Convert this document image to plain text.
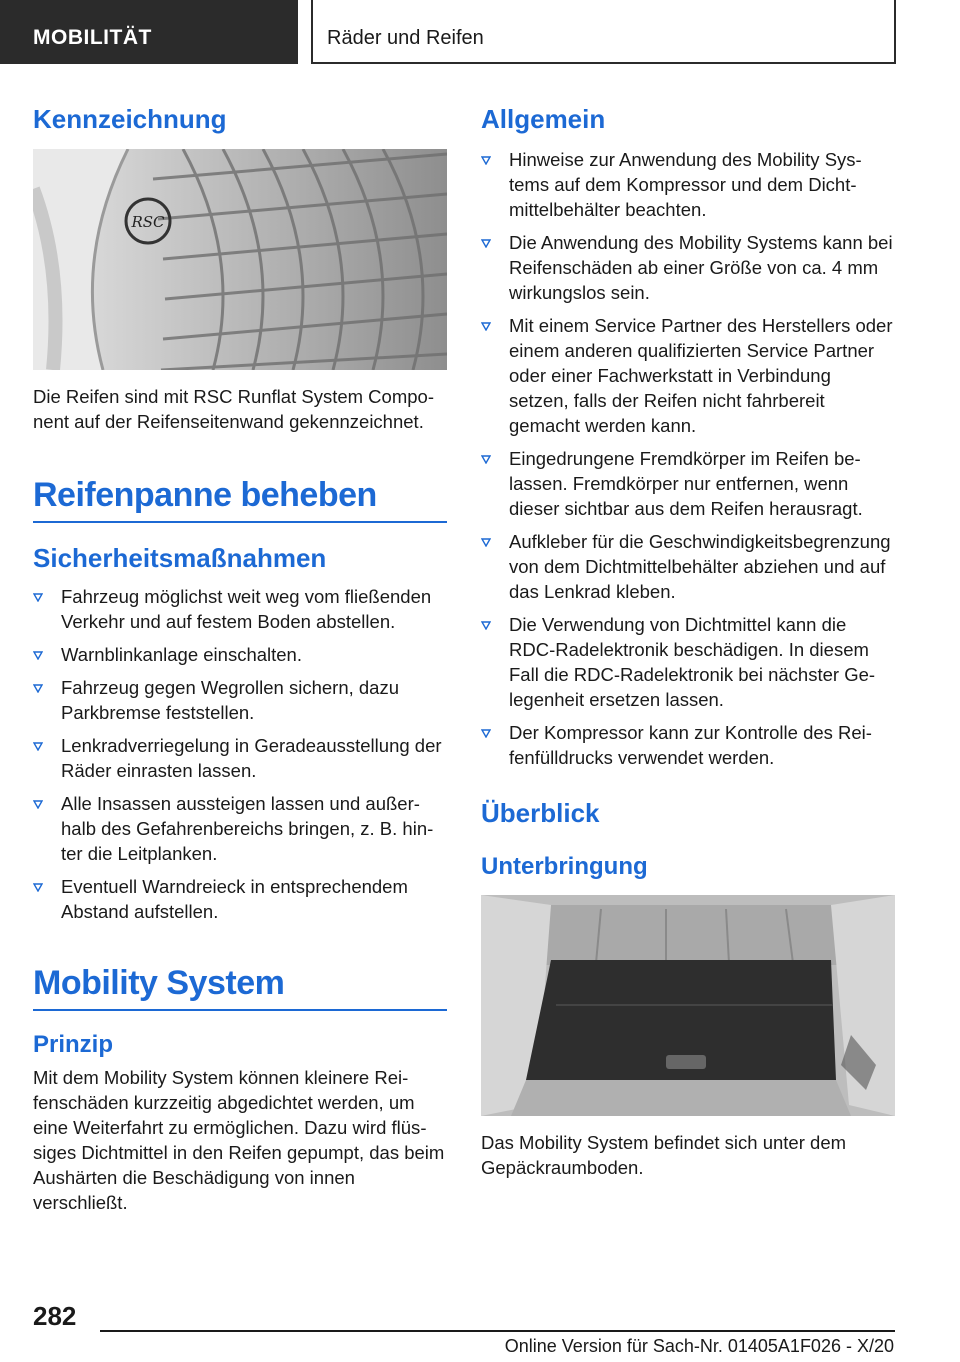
MOBILITÄT	Räder und Reifen
Kennzeichnung
RSC

Die Reifen sind mit RSC Runflat System Component auf der Reifenseitenwand gekennzeichnet.

Reifenpanne beheben
Sicherheitsmaßnahmen
Fahrzeug möglichst weit weg vom fließenden Verkehr und auf festem Boden abstellen.
Warnblinkanlage einschalten.
Fahrzeug gegen Wegrollen sichern, dazu Parkbremse feststellen.
Lenkradverriegelung in Geradeausstellung der Räder einrasten lassen.
Alle Insassen aussteigen lassen und außerhalb des Gefahrenbereichs bringen, z. B. hinter die Leitplanken.
Eventuell Warndreieck in entsprechendem Abstand aufstellen.
Mobility System
Prinzip

Mit dem Mobility System können kleinere Reifenschäden kurzzeitig abgedichtet werden, um eine Weiterfahrt zu ermöglichen. Dazu wird flüssiges Dichtmittel in den Reifen gepumpt, das beim Aushärten die Beschädigung von innen verschließt.

Allgemein
Hinweise zur Anwendung des Mobility Systems auf dem Kompressor und dem Dichtmittelbehälter beachten.
Die Anwendung des Mobility Systems kann bei Reifenschäden ab einer Größe von ca. 4 mm wirkungslos sein.
Mit einem Service Partner des Herstellers oder einem anderen qualifizierten Service Partner oder einer Fachwerkstatt in Verbindung setzen, falls der Reifen nicht fahrbereit gemacht werden kann.
Eingedrungene Fremdkörper im Reifen belassen. Fremdkörper nur entfernen, wenn dieser sichtbar aus dem Reifen herausragt.
Aufkleber für die Geschwindigkeitsbegrenzung von dem Dichtmittelbehälter abziehen und auf das Lenkrad kleben.
Die Verwendung von Dichtmittel kann die RDC-Radelektronik beschädigen. In diesem Fall die RDC-Radelektronik bei nächster Gelegenheit ersetzen lassen.
Der Kompressor kann zur Kontrolle des Reifenfülldrucks verwendet werden.
Überblick
Unterbringung

Das Mobility System befindet sich unter dem Gepäckraumboden.

282
Online Version für Sach-Nr. 01405A1F026 - X/20
